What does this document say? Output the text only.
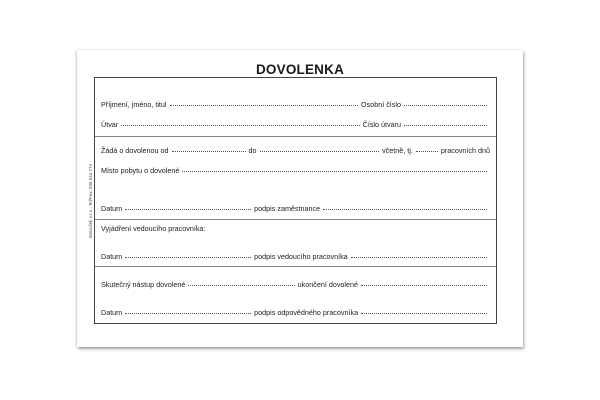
DOVOLENKA
Baloušek s.r.o., Tel/Fax: 596 644 774
Příjmení, jméno, titul	Osobní číslo
Útvar	Číslo útvaru
Žádá o dovolenou od	do	včetně, tj.	pracovních dnů
Místo pobytu o dovolené
Datum	podpis zaměstnance
Vyjádření vedoucího pracovníka:
Datum	podpis vedoucího pracovníka
Skutečný nástup dovolené	ukončení dovolené
Datum	podpis odpovědného pracovníka
